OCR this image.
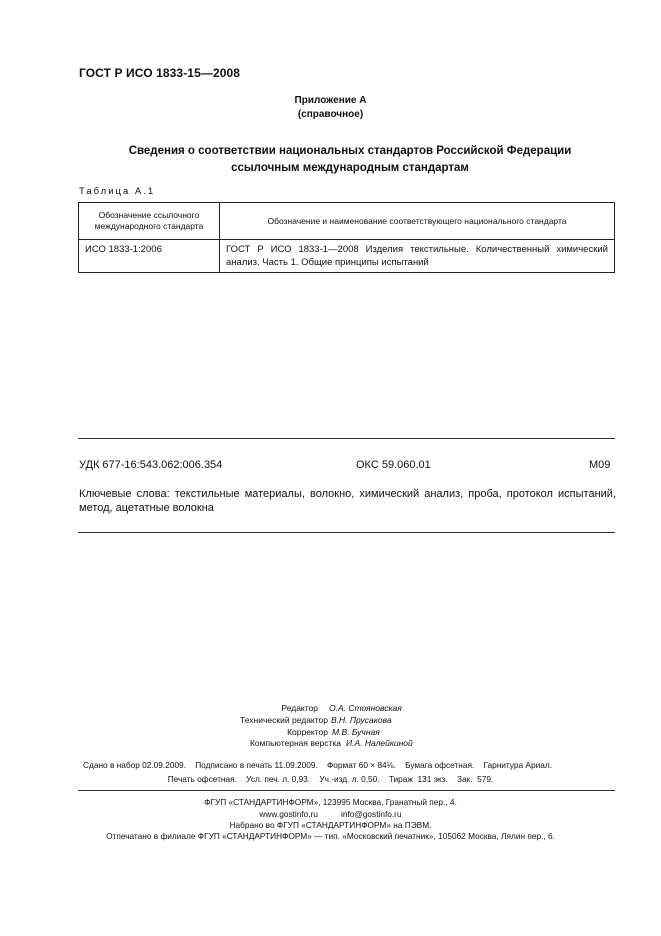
ГОСТ Р ИСО 1833-15—2008
Приложение А
(справочное)
Сведения о соответствии национальных стандартов Российской Федерации
ссылочным международным стандартам
Таблица А.1
Обозначение ссылочного международного стандарта	Обозначение и наименование соответствующего национального стандарта
ИСО 1833-1:2006	ГОСТ Р ИСО 1833-1—2008 Изделия текстильные. Количественный химический анализ. Часть 1. Общие принципы испытаний
УДК 677-16:543.062:006.354	ОКС 59.060.01	М09
Ключевые слова: текстильные материалы, волокно, химический анализ, проба, протокол испытаний, метод, ацетатные волокна
Редактор О.А. Стояновская
Технический редактор В.Н. Прусакова
Корректор М.В. Бучная
Компьютерная верстка И.А. Налейкиной
Сдано в набор 02.09.2009.    Подписано в печать 11.09.2009.    Формат 60 × 84⅛.    Бумага офсетная.    Гарнитура Ариал.
Печать офсетная.    Усл. печ. л. 0,93.    Уч.-изд. л. 0,50.    Тираж  131 экз.    Зак.  579.
ФГУП «СТАНДАРТИНФОРМ», 123995 Москва, Гранатный пер., 4.
www.gostinfo.ru          info@gostinfo.ru
Набрано во ФГУП «СТАНДАРТИНФОРМ» на ПЭВМ.
Отпечатано в филиале ФГУП «СТАНДАРТИНФОРМ» — тип. «Московский печатник», 105062 Москва, Лялин пер., 6.
